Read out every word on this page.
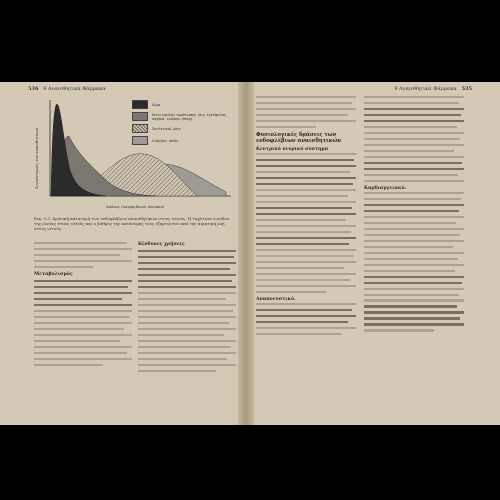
536 9 Αναισθητικά Φάρμακα
Συγκέντρωση του αναισθητικού
Χρόνος (λογαριθμική κλίμακα)
Αίμα
Ιστοί υψηλής αιμάτωσης (π.χ. εγκέφαλος, καρδιά, ενδοκρ. ήπαρ)
Σκελετικοί μύες
Λιπώδης ιστός
Εικ. 9.3. Χρονική κατανομή των ενδοφλέβιων αναισθητικών στους ιστούς. Η ταχύτητα εισόδου της ουσίας στους ιστούς και ο βαθμός της κατανομής τους εξαρτώνται από την αιματική ροή στους ιστούς.
Μεταβολισμός
Κίνδυνες χρήσεις
9 Αναισθητικά Φάρμακα 535
Φυσιολογικές δράσεις των ενδοφλέβιων αναισθητικών
Κεντρικό νευρικό σύστημα
Αναπνευστικό.
Καρδιαγγειακό.
